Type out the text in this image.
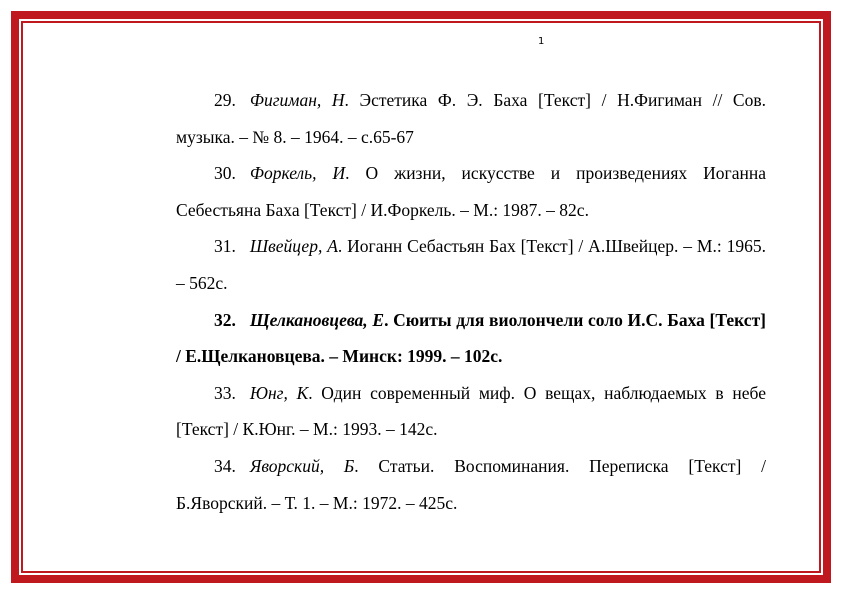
1
29. Фигиман, Н. Эстетика Ф. Э. Баха [Текст] / Н.Фигиман // Сов. музыка. – № 8. – 1964. – с.65-67
30. Форкель, И. О жизни, искусстве и произведениях Иоганна Себестьяна Баха [Текст] / И.Форкель. – М.: 1987. – 82с.
31. Швейцер, А. Иоганн Себастьян Бах [Текст] / А.Швейцер. – М.: 1965. – 562с.
32. Щелкановцева, Е. Сюиты для виолончели соло И.С. Баха [Текст] / Е.Щелкановцева. – Минск: 1999. – 102с.
33. Юнг, К. Один современный миф. О вещах, наблюдаемых в небе [Текст] / К.Юнг. – М.: 1993. – 142с.
34. Яворский, Б. Статьи. Воспоминания. Переписка [Текст] / Б.Яворский. – Т. 1. – М.: 1972. – 425с.
